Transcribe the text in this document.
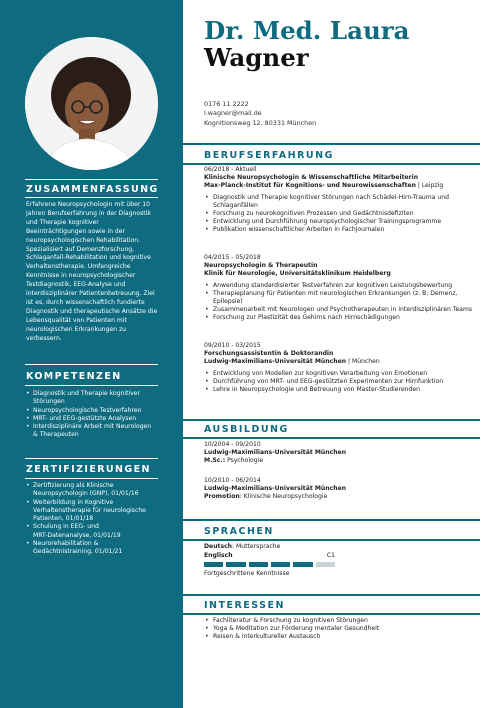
ZUSAMMENFASSUNG
Erfahrene Neuropsychologin mit über 10
Jahren Berufserfahrung in der Diagnostik
und Therapie kognitiver
Beeinträchtigungen sowie in der
neuropsychologischen Rehabilitation.
Spezialisiert auf Demenzforschung,
Schlaganfall-Rehabilitation und kognitive
Verhaltenstherapie. Umfangreiche
Kenntnisse in neuropsychologischer
Testdiagnostik, EEG-Analyse und
interdisziplinärer Patientenbetreuung. Ziel
ist es, durch wissenschaftlich fundierte
Diagnostik und therapeutische Ansätze die
Lebensqualität von Patienten mit
neurologischen Erkrankungen zu
verbessern.
KOMPETENZEN
• Diagnostik und Therapie kognitiver
Störungen
• Neuropsychologische Testverfahren
• MRT- und EEG-gestützte Analysen
• Interdisziplinäre Arbeit mit Neurologen
& Therapeuten
ZERTIFIZIERUNGEN
• Zertifizierung als Klinische
Neuropsychologin (GNP), 01/01/16
• Weiterbildung in Kognitive
Verhaltenstherapie für neurologische
Patienten, 01/01/18
• Schulung in EEG- und
MRT-Datenanalyse, 01/01/19
• Neurorehabilitation &
Gedächtnistraining, 01/01/21
Dr. Med. Laura
Wagner
0176 11 2222
l.wagner@mail.de
Kognitionsweg 12, 80331 München
BERUFSERFAHRUNG
06/2018 - Aktuell
Klinische Neuropsychologin & Wissenschaftliche Mitarbeiterin
Max-Planck-Institut für Kognitions- und Neurowissenschaften | Leipzig
• Diagnostik und Therapie kognitiver Störungen nach Schädel-Hirn-Trauma und
Schlaganfällen
• Forschung zu neurokognitiven Prozessen und Gedächtnisdefiziten
• Entwicklung und Durchführung neuropsychologischer Trainingsprogramme
• Publikation wissenschaftlicher Arbeiten in Fachjournalen
04/2015 - 05/2018
Neuropsychologin & Therapeutin
Klinik für Neurologie, Universitätsklinikum Heidelberg
• Anwendung standardisierter Testverfahren zur kognitiven Leistungsbewertung
• Therapieplanung für Patienten mit neurologischen Erkrankungen (z. B. Demenz,
Epilepsie)
• Zusammenarbeit mit Neurologen und Psychotherapeuten in interdisziplinären Teams
• Forschung zur Plastizität des Gehirns nach Hirnschädigungen
09/2010 - 03/2015
Forschungsassistentin & Doktorandin
Ludwig-Maximilians-Universität München | München
• Entwicklung von Modellen zur kognitiven Verarbeitung von Emotionen
• Durchführung von MRT- und EEG-gestützten Experimenten zur Hirnfunktion
• Lehre in Neuropsychologie und Betreuung von Master-Studierenden
AUSBILDUNG
10/2004 - 09/2010
Ludwig-Maximilians-Universität München
M.Sc.: Psychologie
10/2010 - 06/2014
Ludwig-Maximilians-Universität München
Promotion: Klinische Neuropsychologie
SPRACHEN
Deutsch: Muttersprache
Englisch	C1
Fortgeschrittene Kenntnisse
INTERESSEN
• Fachliteratur & Forschung zu kognitiven Störungen
• Yoga & Meditation zur Förderung mentaler Gesundheit
• Reisen & interkultureller Austausch
